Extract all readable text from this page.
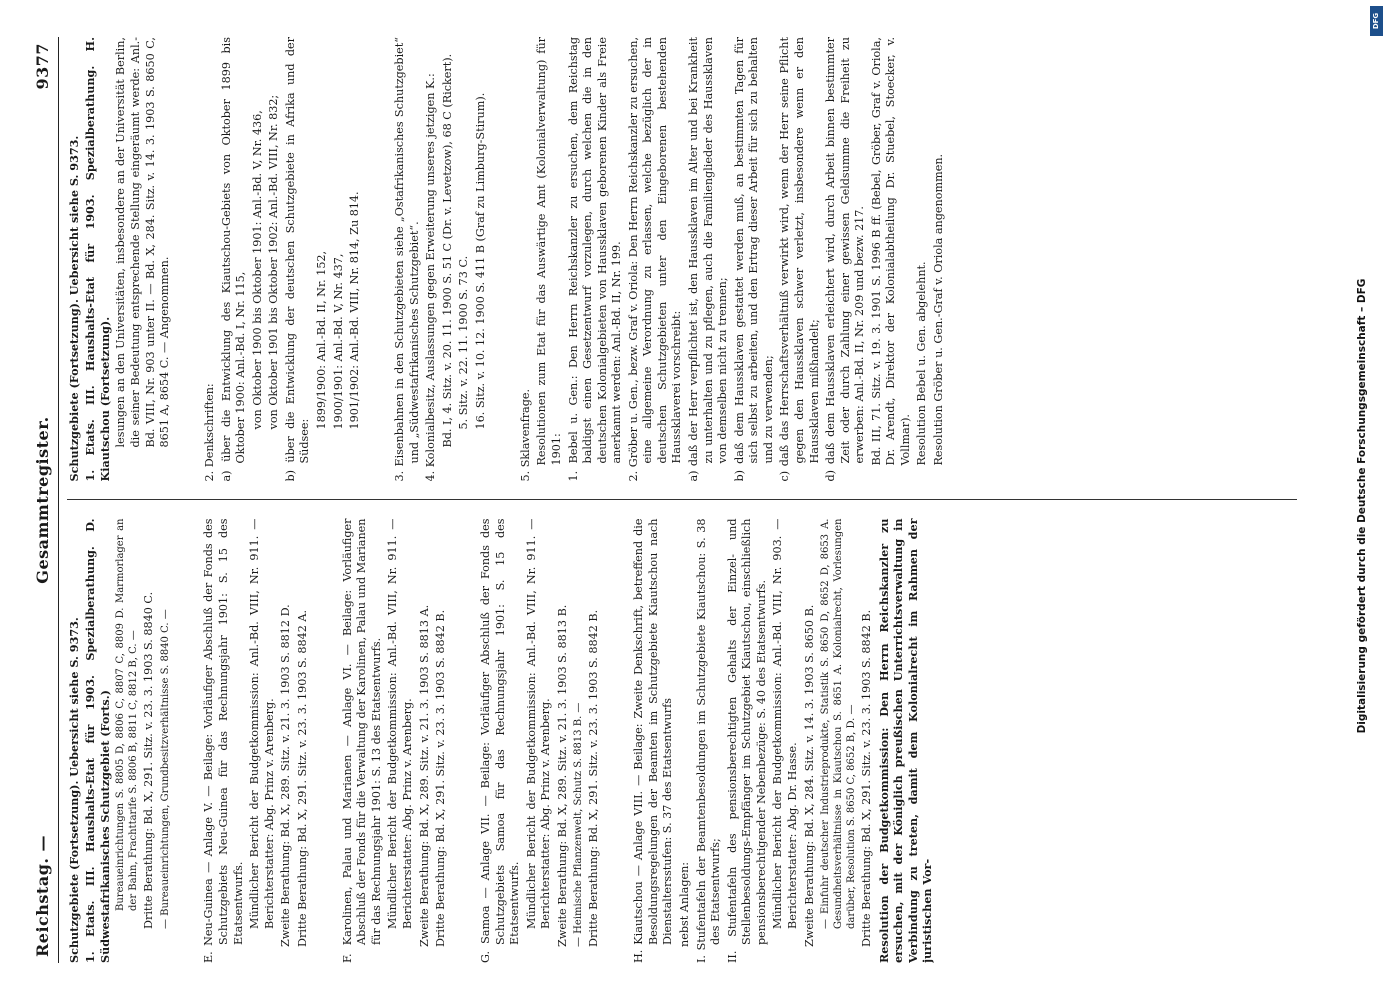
Reichstag. —
Gesammtregister.
9377

Schutzgebiete (Fortsetzung). Uebersicht siehe S. 9373. 1. Etats. III. Haushalts-Etat für 1903. Spezialberathung. D. Südwestafrikanisches Schutzgebiet (Forts.) Bureaueinrichtungen S. 8805 D, 8806 C, 8807 C, 8809 D. Marmorlager an der Bahn, Frachttarife S. 8806 B, 8811 C, 8812 B, C. — Dritte Berathung: Bd. X, 291. Sitz. v. 23. 3. 1903 S. 8840 C. — Bureaueinrichtungen, Grundbesitzverhältnisse S. 8840 C. —	E. Neu-Guinea — Anlage V. — Beilage: Vorläufiger Abschluß der Fonds des Schutzgebiets Neu-Guinea für das Rechnungsjahr 1901: S. 15 des Etatsentwurfs. Mündlicher Bericht der Budgetkommission: Anl.-Bd. VIII, Nr. 911. — Berichterstatter: Abg. Prinz v. Arenberg. Zweite Berathung: Bd. X, 289. Sitz. v. 21. 3. 1903 S. 8812 D. Dritte Berathung: Bd. X, 291. Sitz. v. 23. 3. 1903 S. 8842 A.	F. Karolinen, Palau und Marianen — Anlage VI. — Beilage: Vorläufiger Abschluß der Fonds für die Verwaltung der Karolinen, Palau und Marianen für das Rechnungsjahr 1901: S. 13 des Etatsentwurfs. Mündlicher Bericht der Budgetkommission: Anl.-Bd. VIII, Nr. 911. — Berichterstatter: Abg. Prinz v. Arenberg. Zweite Berathung: Bd. X, 289. Sitz. v. 21. 3. 1903 S. 8813 A. Dritte Berathung: Bd. X, 291. Sitz. v. 23. 3. 1903 S. 8842 B.	G. Samoa — Anlage VII. — Beilage: Vorläufiger Abschluß der Fonds des Schutzgebiets Samoa für das Rechnungsjahr 1901: S. 15 des Etatsentwurfs. Mündlicher Bericht der Budgetkommission: Anl.-Bd. VIII, Nr. 911. — Berichterstatter: Abg. Prinz v. Arenberg. Zweite Berathung: Bd. X, 289. Sitz. v. 21. 3. 1903 S. 8813 B. — Heimische Pflanzenwelt, Schutz S. 8813 B. — Dritte Berathung: Bd. X, 291. Sitz. v. 23. 3. 1903 S. 8842 B.	H. Kiautschou — Anlage VIII. — Beilage: Zweite Denkschrift, betreffend die Besoldungsregelungen der Beamten im Schutzgebiete Kiautschou nach Dienstaltersstufen: S. 37 des Etatsentwurfs nebst Anlagen: I. Stufentafeln der Beamtenbesoldungen im Schutzgebiete Kiautschou: S. 38 des Etatsentwurfs; II. Stufentafeln des pensionsberechtigten Gehalts der Einzel- und Stellenbesoldungs-Empfänger im Schutzgebiet Kiautschou, einschließlich pensionsberechtigender Nebenbezüge: S. 40 des Etatsentwurfs. Mündlicher Bericht der Budgetkommission: Anl.-Bd. VIII, Nr. 903. — Berichterstatter: Abg. Dr. Hasse. Zweite Berathung: Bd. X, 284. Sitz. v. 14. 3. 1903 S. 8650 B. — Einfuhr deutscher Industrieprodukte, Statistik S. 8650 D, 8652 D, 8653 A. Gesundheitsverhältnisse in Kiautschou S. 8651 A. Kolonialrecht, Vorlesungen darüber, Resolution S. 8650 C, 8652 B, D. — Dritte Berathung: Bd. X, 291. Sitz. v. 23. 3. 1903 S. 8842 B. Resolution der Budgetkommission: Den Herrn Reichskanzler zu ersuchen, mit der Königlich preußischen Unterrichtsverwaltung in Verbindung zu treten, damit dem Kolonialrecht im Rahmen der juristischen Vor-

Schutzgebiete (Fortsetzung). Uebersicht siehe S. 9373. 1. Etats. III. Haushalts-Etat für 1903. Spezialberathung. H. Kiautschou (Fortsetzung). lesungen an den Universitäten, insbesondere an der Universität Berlin, die seiner Bedeutung entsprechende Stellung eingeräumt werde: Anl.-Bd. VIII, Nr. 903 unter II. — Bd. X, 284. Sitz. v. 14. 3. 1903 S. 8650 C, 8651 A, 8654 C. — Angenommen.	2. Denkschriften: a) über die Entwicklung des Kiautschou-Gebiets von Oktober 1899 bis Oktober 1900: Anl.-Bd. I, Nr. 115, von Oktober 1900 bis Oktober 1901: Anl.-Bd. V, Nr. 436, von Oktober 1901 bis Oktober 1902: Anl.-Bd. VIII, Nr. 832; b) über die Entwicklung der deutschen Schutzgebiete in Afrika und der Südsee:

1899/1900: Anl.-Bd. II, Nr. 152, 1900/1901: Anl.-Bd. V, Nr. 437, 1901/1902: Anl.-Bd. VIII, Nr. 814, Zu 814.	3. Eisenbahnen in den Schutzgebieten siehe „Ostafrikanisches Schutzgebiet“ und „Südwestafrikanisches Schutzgebiet“. 4. Kolonialbesitz, Auslassungen gegen Erweiterung unseres jetzigen K.: Bd. I, 4. Sitz. v. 20. 11. 1900 S. 51 C (Dr. v. Levetzow), 68 C (Rickert). 5. Sitz. v. 22. 11. 1900 S. 73 C. 16. Sitz. v. 10. 12. 1900 S. 411 B (Graf zu Limburg-Stirum).

5. Sklavenfrage. Resolutionen zum Etat für das Auswärtige Amt (Kolonialverwaltung) für 1901: 1. Bebel u. Gen.: Den Herrn Reichskanzler zu ersuchen, dem Reichstag baldigst einen Gesetzentwurf vorzulegen, durch welchen die in den deutschen Kolonialgebieten von Haussklaven geborenen Kinder als Freie anerkannt werden: Anl.-Bd. II, Nr. 199. 2. Gröber u. Gen., bezw. Graf v. Oriola: Den Herrn Reichskanzler zu ersuchen, eine allgemeine Verordnung zu erlassen, welche bezüglich der in deutschen Schutzgebieten unter den Eingeborenen bestehenden Haussklaverei vorschreibt: a) daß der Herr verpflichtet ist, den Haussklaven im Alter und bei Krankheit zu unterhalten und zu pflegen, auch die Familienglieder des Haussklaven von demselben nicht zu trennen; b) daß dem Haussklaven gestattet werden muß, an bestimmten Tagen für sich selbst zu arbeiten, und den Ertrag dieser Arbeit für sich zu behalten und zu verwenden; c) daß das Herrschaftsverhältniß verwirkt wird, wenn der Herr seine Pflicht gegen den Haussklaven schwer verletzt, insbesondere wenn er den Haussklaven mißhandelt; d) daß dem Haussklaven erleichtert wird, durch Arbeit binnen bestimmter Zeit oder durch Zahlung einer gewissen Geldsumme die Freiheit zu erwerben: Anl.-Bd. II, Nr. 209 und bezw. 217. Bd. III, 71. Sitz. v. 19. 3. 1901 S. 1996 B ff. (Bebel, Gröber, Graf v. Oriola, Dr. Arendt, Direktor der Kolonialabtheilung Dr. Stuebel, Stoecker, v. Vollmar). Resolution Bebel u. Gen. abgelehnt. Resolution Gröber u. Gen.-Graf v. Oriola angenommen.	Digitalisierung gefördert durch die Deutsche Forschungsgemeinschaft – DFG
DFG
